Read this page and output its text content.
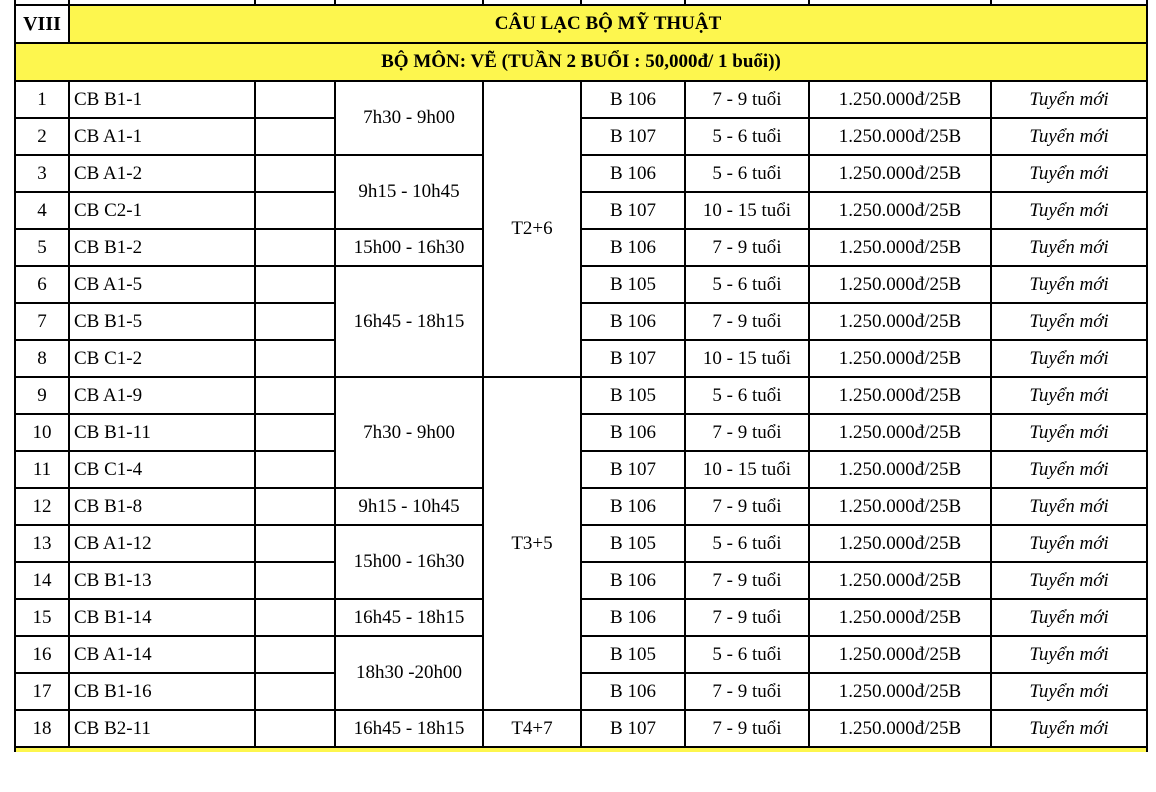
VIII	CÂU LẠC BỘ MỸ THUẬT							
BỘ MÔN: VẼ (TUẦN 2 BUỔI : 50,000đ/ 1 buổi))								
1	CB B1-1		7h30 - 9h00	T2+6	B 106	7 - 9 tuổi	1.250.000đ/25B	Tuyển mới
2	CB A1-1				B 107	5 - 6 tuổi	1.250.000đ/25B	Tuyển mới
3	CB A1-2		9h15 - 10h45		B 106	5 - 6 tuổi	1.250.000đ/25B	Tuyển mới
4	CB C2-1				B 107	10 - 15 tuổi	1.250.000đ/25B	Tuyển mới
5	CB B1-2		15h00 - 16h30		B 106	7 - 9 tuổi	1.250.000đ/25B	Tuyển mới
6	CB A1-5		16h45 - 18h15		B 105	5 - 6 tuổi	1.250.000đ/25B	Tuyển mới
7	CB B1-5				B 106	7 - 9 tuổi	1.250.000đ/25B	Tuyển mới
8	CB C1-2				B 107	10 - 15 tuổi	1.250.000đ/25B	Tuyển mới
9	CB A1-9		7h30 - 9h00	T3+5	B 105	5 - 6 tuổi	1.250.000đ/25B	Tuyển mới
10	CB B1-11				B 106	7 - 9 tuổi	1.250.000đ/25B	Tuyển mới
11	CB C1-4				B 107	10 - 15 tuổi	1.250.000đ/25B	Tuyển mới
12	CB B1-8		9h15 - 10h45		B 106	7 - 9 tuổi	1.250.000đ/25B	Tuyển mới
13	CB A1-12		15h00 - 16h30		B 105	5 - 6 tuổi	1.250.000đ/25B	Tuyển mới
14	CB B1-13				B 106	7 - 9 tuổi	1.250.000đ/25B	Tuyển mới
15	CB B1-14		16h45 - 18h15		B 106	7 - 9 tuổi	1.250.000đ/25B	Tuyển mới
16	CB A1-14		18h30 -20h00		B 105	5 - 6 tuổi	1.250.000đ/25B	Tuyển mới
17	CB B1-16				B 106	7 - 9 tuổi	1.250.000đ/25B	Tuyển mới
18	CB B2-11		16h45 - 18h15	T4+7	B 107	7 - 9 tuổi	1.250.000đ/25B	Tuyển mới
